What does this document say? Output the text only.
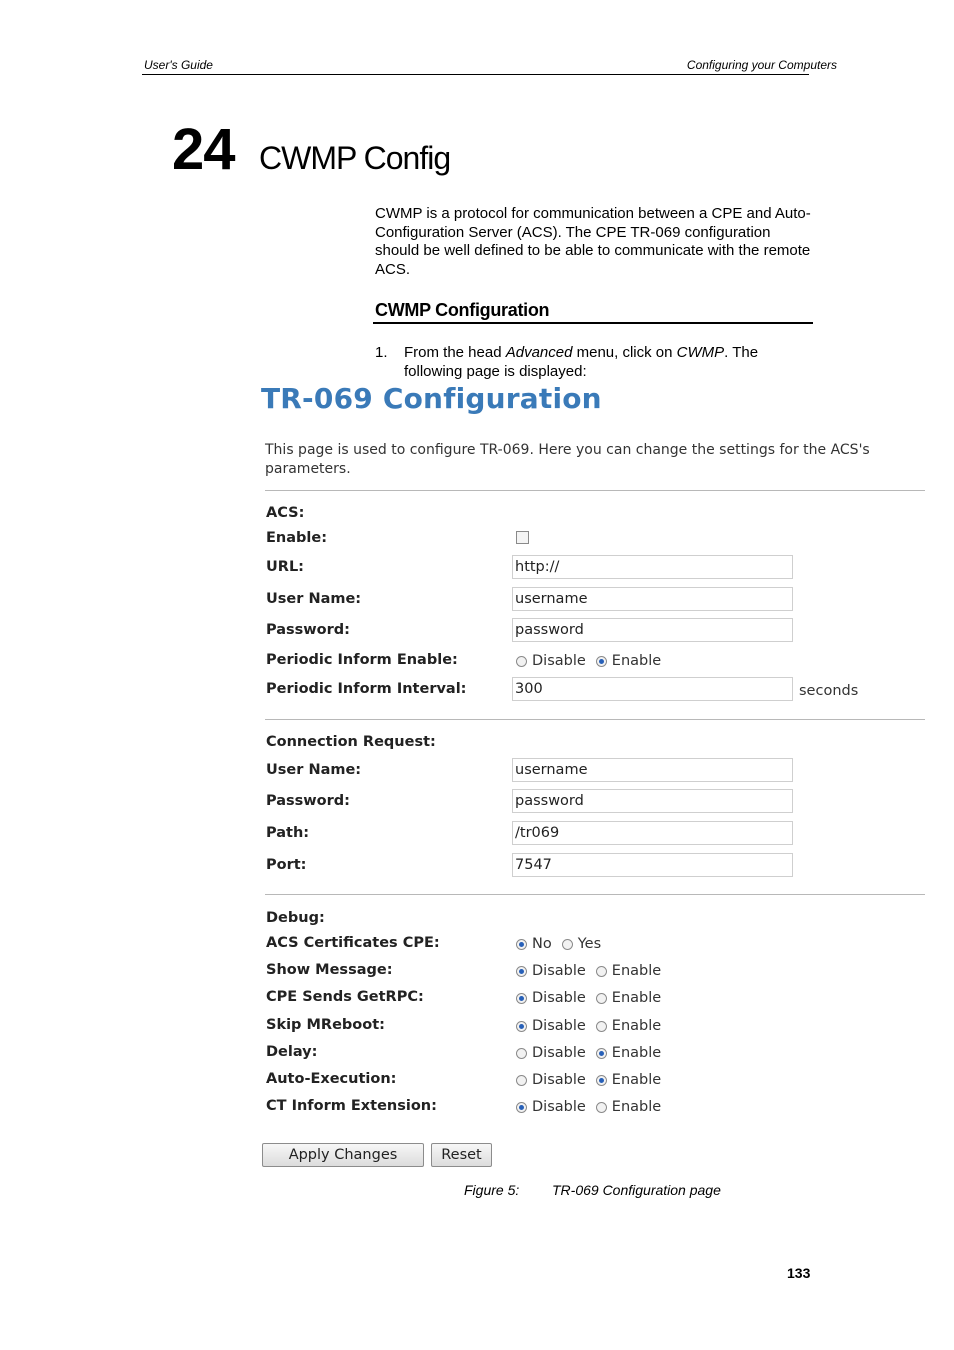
User's Guide	Configuring your Computers
24 CWMP Config
CWMP is a protocol for communication between a CPE and Auto-Configuration Server (ACS). The CPE TR-069 configuration should be well defined to be able to communicate with the remote ACS.
CWMP Configuration
1. From the head Advanced menu, click on CWMP. The following page is displayed:
TR-069 Configuration
This page is used to configure TR-069. Here you can change the settings for the ACS's parameters.
ACS:
Enable:
URL:	http://
User Name:	username
Password:	password
Periodic Inform Enable:	Disable Enable
Periodic Inform Interval:	300	seconds
Connection Request:
User Name:	username
Password:	password
Path:	/tr069
Port:	7547
Debug:
ACS Certificates CPE:	No Yes
Show Message:	Disable Enable
CPE Sends GetRPC:	Disable Enable
Skip MReboot:	Disable Enable
Delay:	Disable Enable
Auto-Execution:	Disable Enable
CT Inform Extension:	Disable Enable
Apply Changes	Reset
Figure 5: TR-069 Configuration page
133
